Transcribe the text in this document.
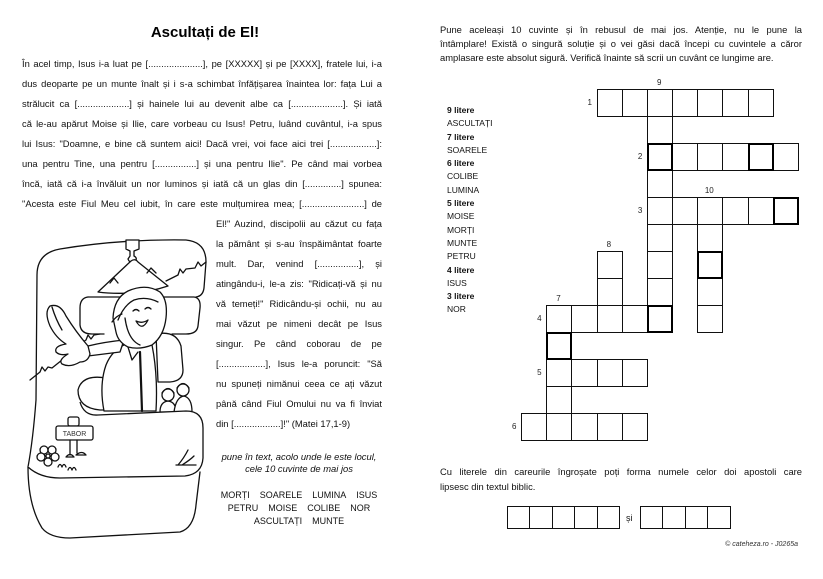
Ascultați de El!
În acel timp, Isus i-a luat pe [.....................], pe [XXXXX] și pe [XXXX], fratele lui, i-a
dus deoparte pe un munte înalt și i s-a schimbat înfățișarea înaintea lor: fața Lui a
strălucit ca [....................] și hainele lui au devenit albe ca [....................]. Și iată
că le-au apărut Moise și Ilie, care vorbeau cu Isus! Petru, luând cuvântul, i-a spus
lui Isus: "Doamne, e bine că suntem aici! Dacă vrei, voi face aici trei [..................]:
una pentru Tine, una pentru [................] și una pentru Ilie". Pe când mai vorbea
încă, iată că i-a învăluit un nor luminos și iată că un glas din [..............] spunea:
"Acesta este Fiul Meu cel iubit, în care este mulțumirea mea; [........................] de
El!" Auzind, discipolii au căzut cu fața
la pământ și s-au înspăimântat foarte
mult. Dar, venind [................], și
atingându-i, le-a zis: "Ridicați-vă și nu
vă temeți!" Ridicându-și ochii, nu au
mai văzut pe nimeni decât pe Isus
singur. Pe când coborau de pe
[..................], Isus le-a poruncit: "Să
nu spuneți nimănui ceea ce ați văzut
până când Fiul Omului nu va fi înviat
din [..................]!" (Matei 17,1-9)
TABOR
pune în text, acolo unde le este locul,
cele 10 cuvinte de mai jos
MORȚI SOARELE LUMINA ISUS
PETRU MOISE COLIBE NOR
ASCULTAȚI MUNTE
Pune aceleași 10 cuvinte și în rebusul de mai jos. Atenție, nu le pune la
întâmplare! Există o singură soluție și o vei găsi dacă începi cu cuvintele a căror
amplasare este absolut sigură. Verifică înainte să scrii un cuvânt ce lungime are.
9 litere
ASCULTAȚI
7 litere
SOARELE
6 litere
COLIBE
LUMINA
5 litere
MOISE
MORȚI
MUNTE
PETRU
4 litere
ISUS
3 litere
NOR
1
9
2
3
10
8
4
7
5
6
Cu literele din careurile îngroșate poți forma numele celor doi apostoli care
lipsesc din textul biblic.
și
© cateheza.ro - J0265a
